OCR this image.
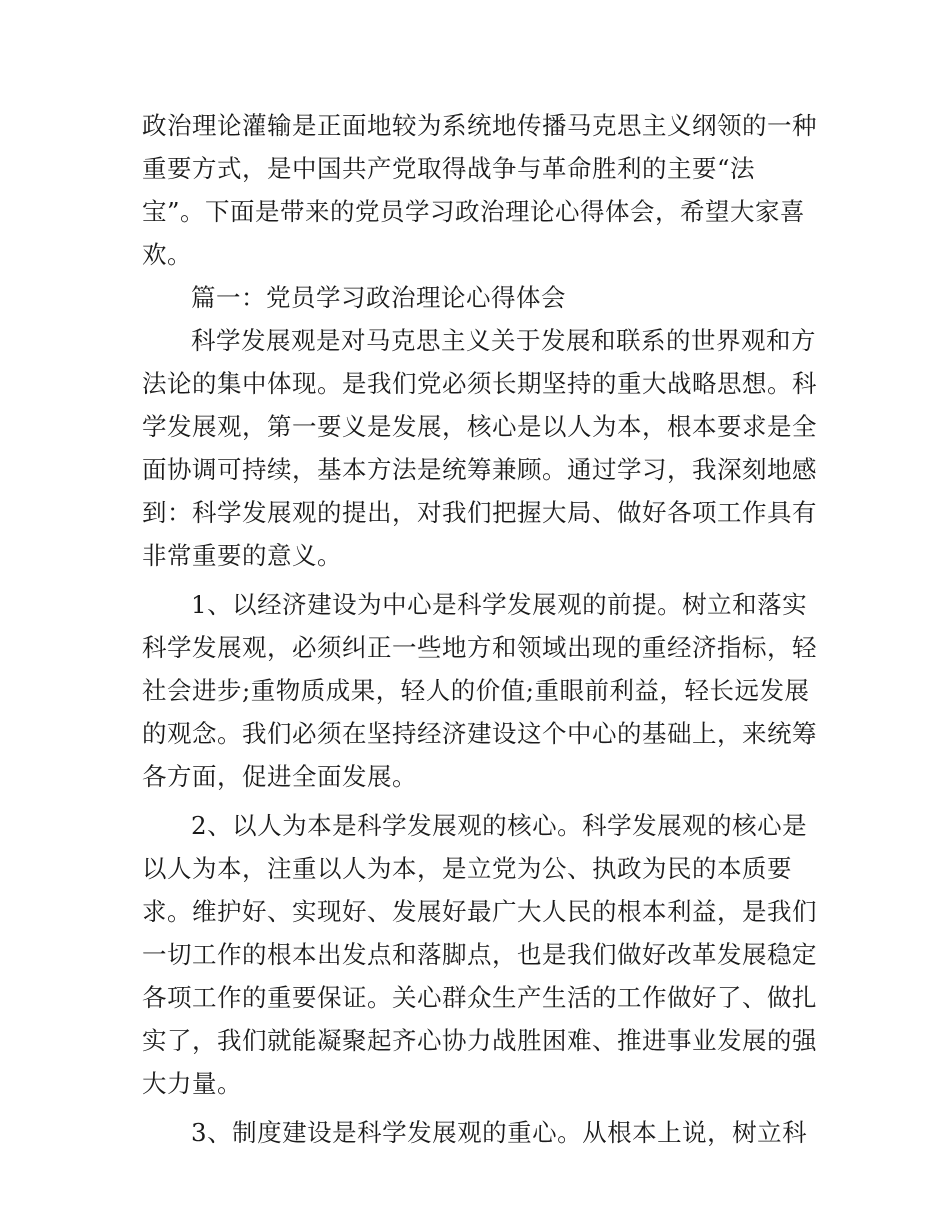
政治理论灌输是正面地较为系统地传播马克思主义纲领的一种
重要方式，是中国共产党取得战争与革命胜利的主要“法
宝”。下面是带来的党员学习政治理论心得体会，希望大家喜
欢。
篇一：党员学习政治理论心得体会
科学发展观是对马克思主义关于发展和联系的世界观和方
法论的集中体现。是我们党必须长期坚持的重大战略思想。科
学发展观，第一要义是发展，核心是以人为本，根本要求是全
面协调可持续，基本方法是统筹兼顾。通过学习，我深刻地感
到：科学发展观的提出，对我们把握大局、做好各项工作具有
非常重要的意义。
1、以经济建设为中心是科学发展观的前提。树立和落实
科学发展观，必须纠正一些地方和领域出现的重经济指标，轻
社会进步;重物质成果，轻人的价值;重眼前利益，轻长远发展
的观念。我们必须在坚持经济建设这个中心的基础上，来统筹
各方面，促进全面发展。
2、以人为本是科学发展观的核心。科学发展观的核心是
以人为本，注重以人为本，是立党为公、执政为民的本质要
求。维护好、实现好、发展好最广大人民的根本利益，是我们
一切工作的根本出发点和落脚点，也是我们做好改革发展稳定
各项工作的重要保证。关心群众生产生活的工作做好了、做扎
实了，我们就能凝聚起齐心协力战胜困难、推进事业发展的强
大力量。
3、制度建设是科学发展观的重心。从根本上说，树立科
